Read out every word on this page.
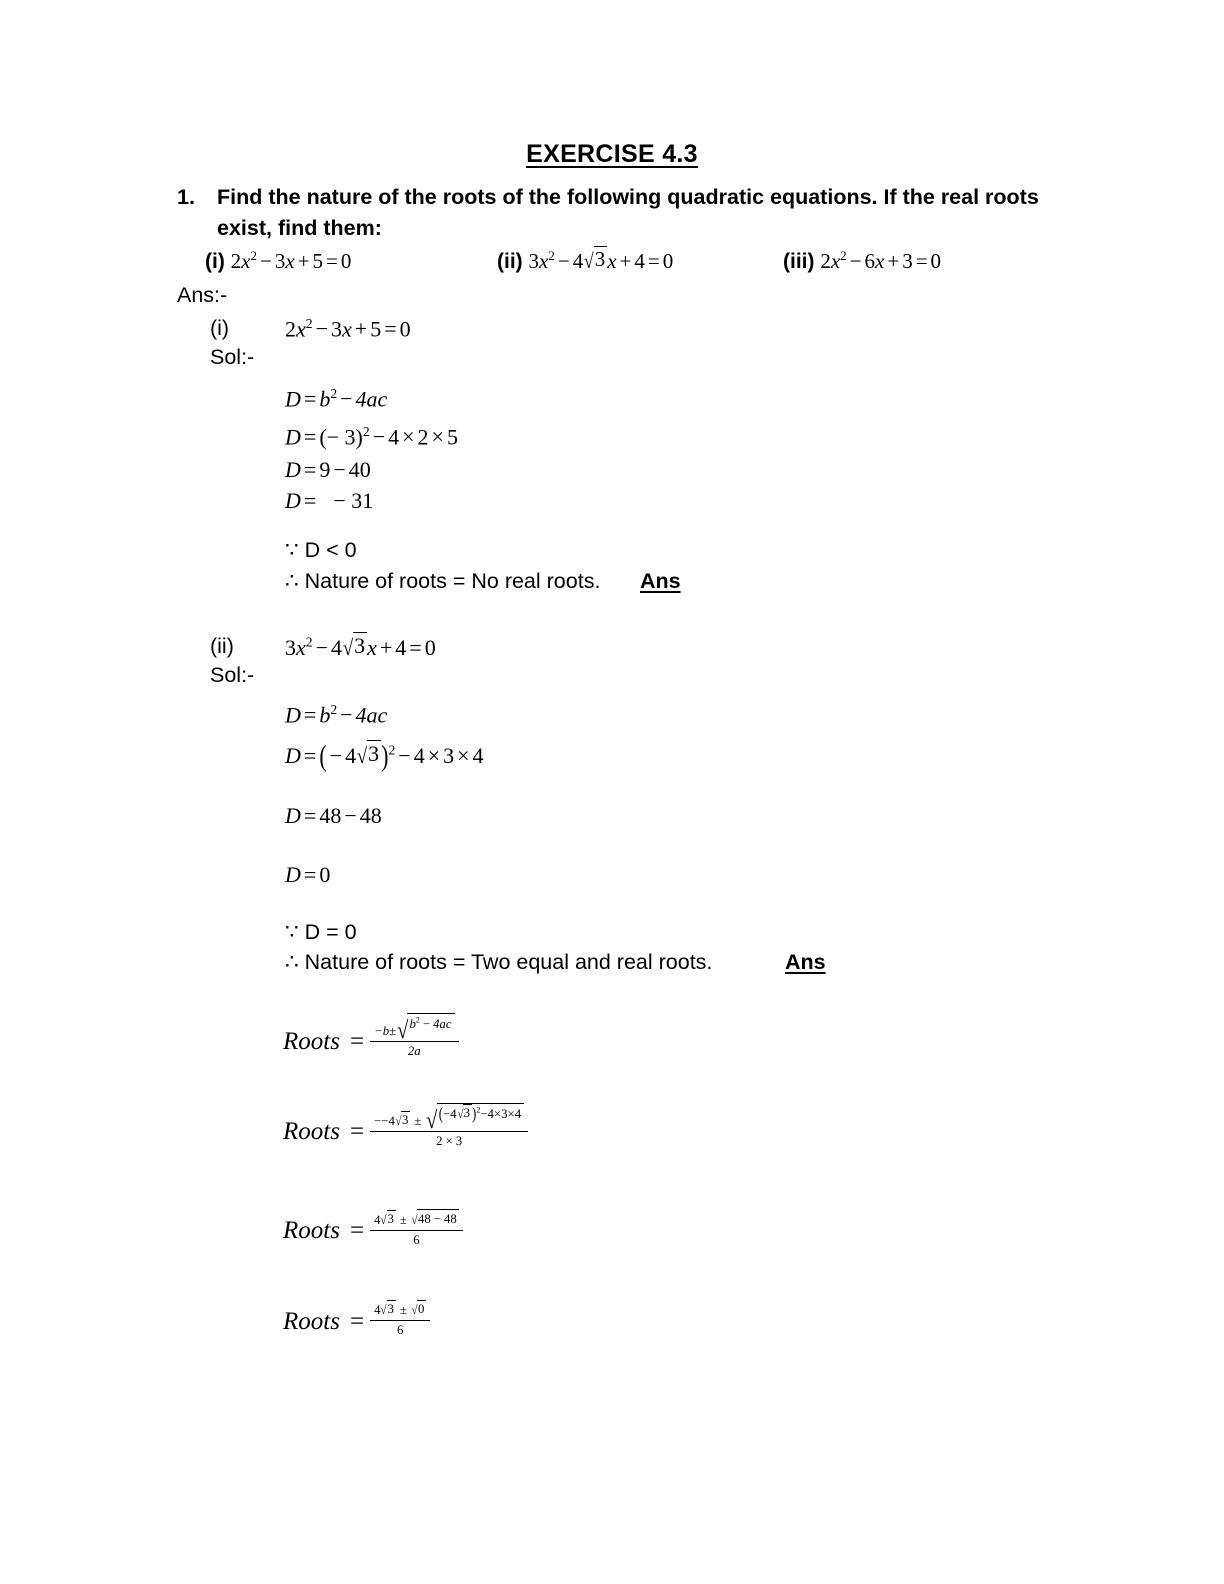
EXERCISE 4.3
1.	Find the nature of the roots of the following quadratic equations. If the real roots exist, find them:
(i) $2x^2 - 3x + 5 = 0$	(ii) $3x^2 - 4√3x + 4 = 0$	(iii) $2x^2 - 6x + 3 = 0$
Ans:-
(i)	$2x^2 - 3x + 5 = 0$
Sol:-
$D = b^2 - 4ac$
D = (− 3)$^2$ − 4 × 2 × 5
D = 9 − 40
D = − 31
∵ D < 0
∴ Nature of roots = No real roots. Ans
(ii) $3x^2 - 4√3x + 4 = 0$
Sol:-
$D = b^2 - 4ac$
D = ( − 4√3)$^2$ − 4 × 3 × 4
D = 48 − 48
D = 0
∵ D = 0
∴ Nature of roots = Two equal and real roots.	Ans
Roots = $\frac{-b\pm√b^2 - 4ac}{2a}$
Roots = $\frac{--4√3 \pm √(-4√3 )^2-4\times 3\times 4}{2 \times 3}$
Roots = $\frac{4√3 \pm √48 - 48}{6}$
Roots = $\frac{4√3 \pm √0}{6}$
